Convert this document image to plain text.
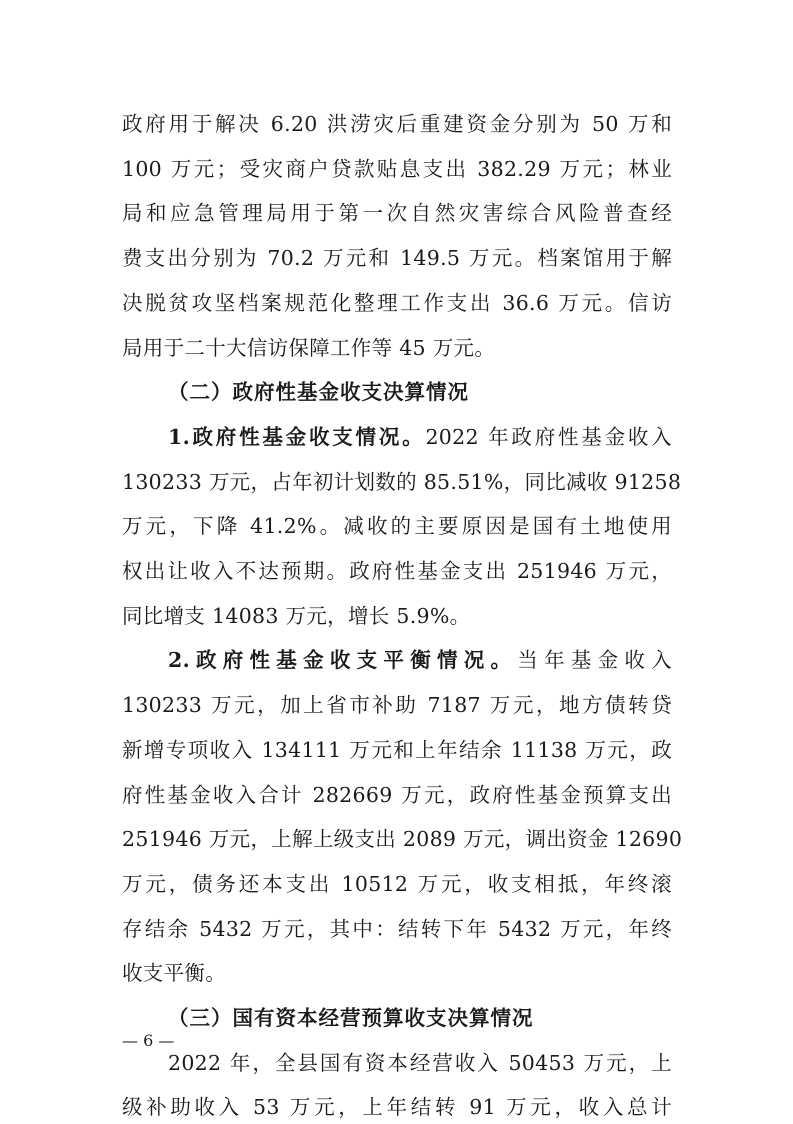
政府用于解决 6.20 洪涝灾后重建资金分别为 50 万和
100 万元；受灾商户贷款贴息支出 382.29 万元；林业
局和应急管理局用于第一次自然灾害综合风险普查经
费支出分别为 70.2 万元和 149.5 万元。档案馆用于解
决脱贫攻坚档案规范化整理工作支出 36.6 万元。信访
局用于二十大信访保障工作等 45 万元。
（二）政府性基金收支决算情况
1.政府性基金收支情况。2022 年政府性基金收入
130233 万元，占年初计划数的 85.51%，同比减收 91258
万元，下降 41.2%。减收的主要原因是国有土地使用
权出让收入不达预期。政府性基金支出 251946 万元，
同比增支 14083 万元，增长 5.9%。
2.政府性基金收支平衡情况。当年基金收入
130233 万元，加上省市补助 7187 万元，地方债转贷
新增专项收入 134111 万元和上年结余 11138 万元，政
府性基金收入合计 282669 万元，政府性基金预算支出
251946 万元，上解上级支出 2089 万元，调出资金 12690
万元，债务还本支出 10512 万元，收支相抵，年终滚
存结余 5432 万元，其中：结转下年 5432 万元，年终
收支平衡。
（三）国有资本经营预算收支决算情况
2022 年，全县国有资本经营收入 50453 万元，上
级补助收入 53 万元，上年结转 91 万元，收入总计
— 6 —
